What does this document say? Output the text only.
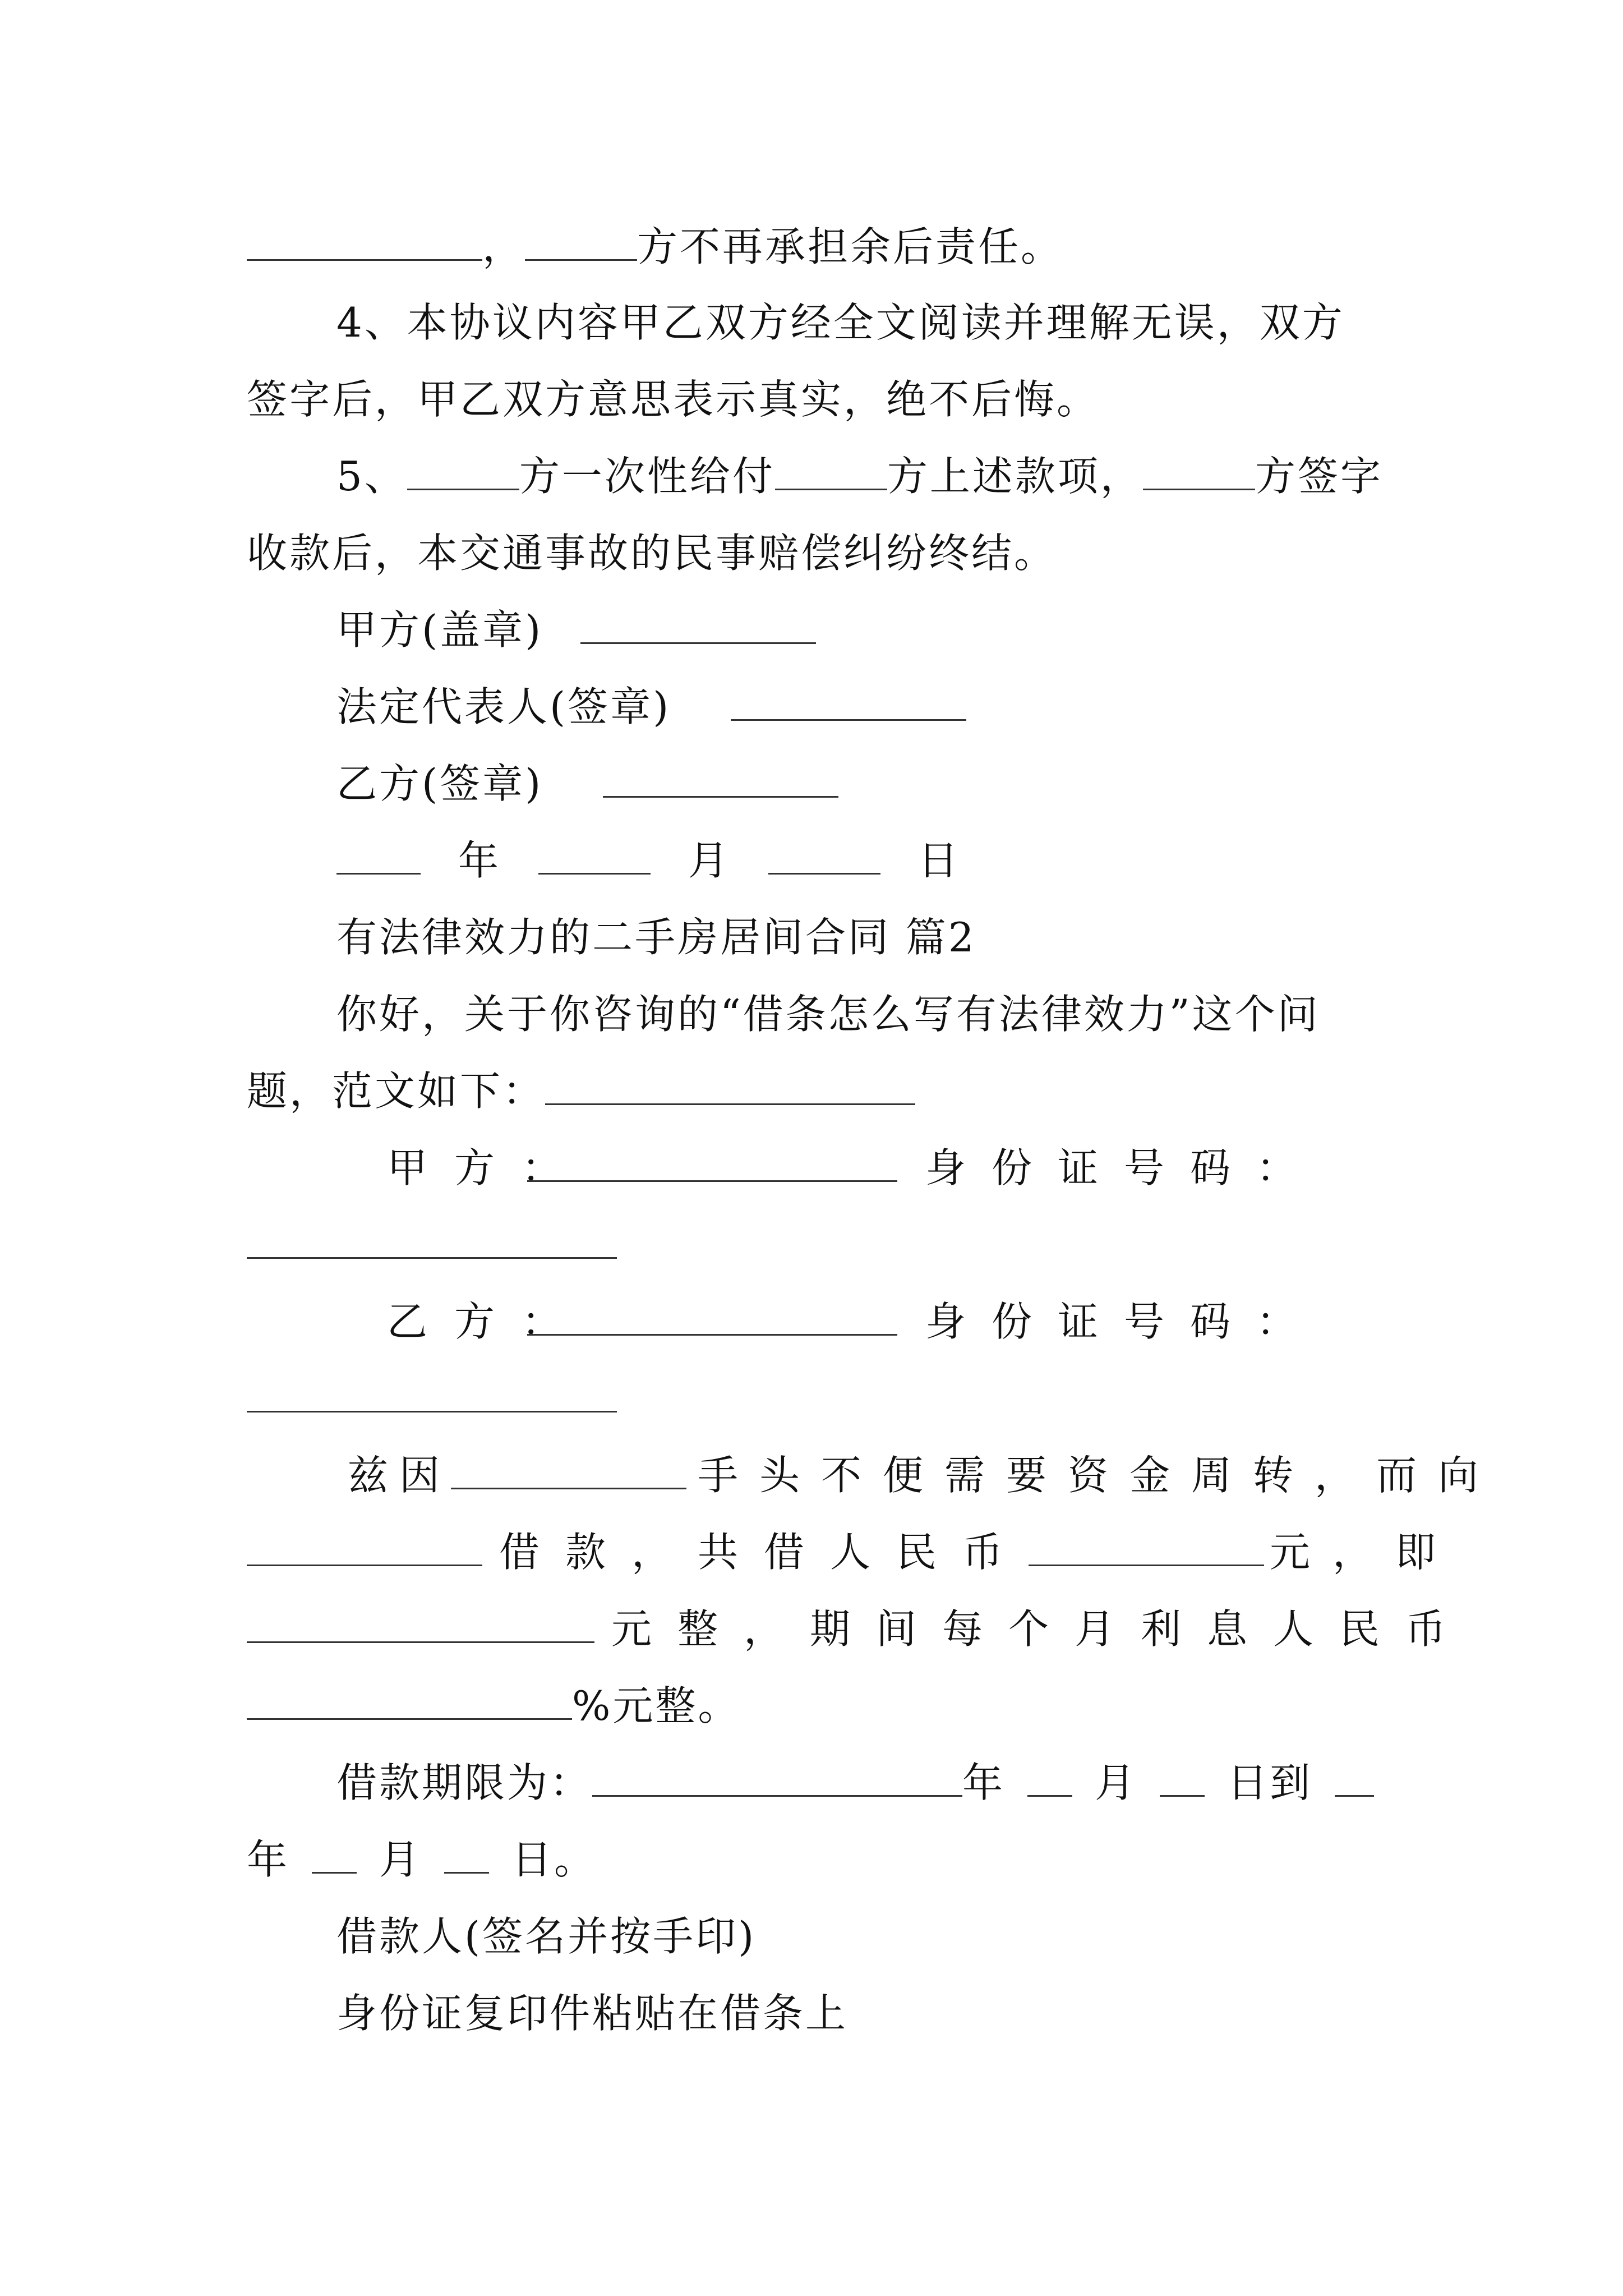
，	方不再承担余后责任。
4、本协议内容甲乙双方经全文阅读并理解无误，双方
签字后，甲乙双方意思表示真实，绝不后悔。
5、	方一次性给付	方上述款项，	方签字
收款后，本交通事故的民事赔偿纠纷终结。
甲方(盖章)
法定代表人(签章)
乙方(签章)
年	月	日
有法律效力的二手房居间合同 篇2
你好，关于你咨询的“借条怎么写有法律效力”这个问
题，范文如下：
甲方：	身份证号码：
乙方：	身份证号码：
兹因	手头不便需要资金周转，而向
借款，共借人民币	元，即
元整，期间每个月利息人民币
%元整。
借款期限为：	年 月 日到
年 月 日。
借款人(签名并按手印)
身份证复印件粘贴在借条上
